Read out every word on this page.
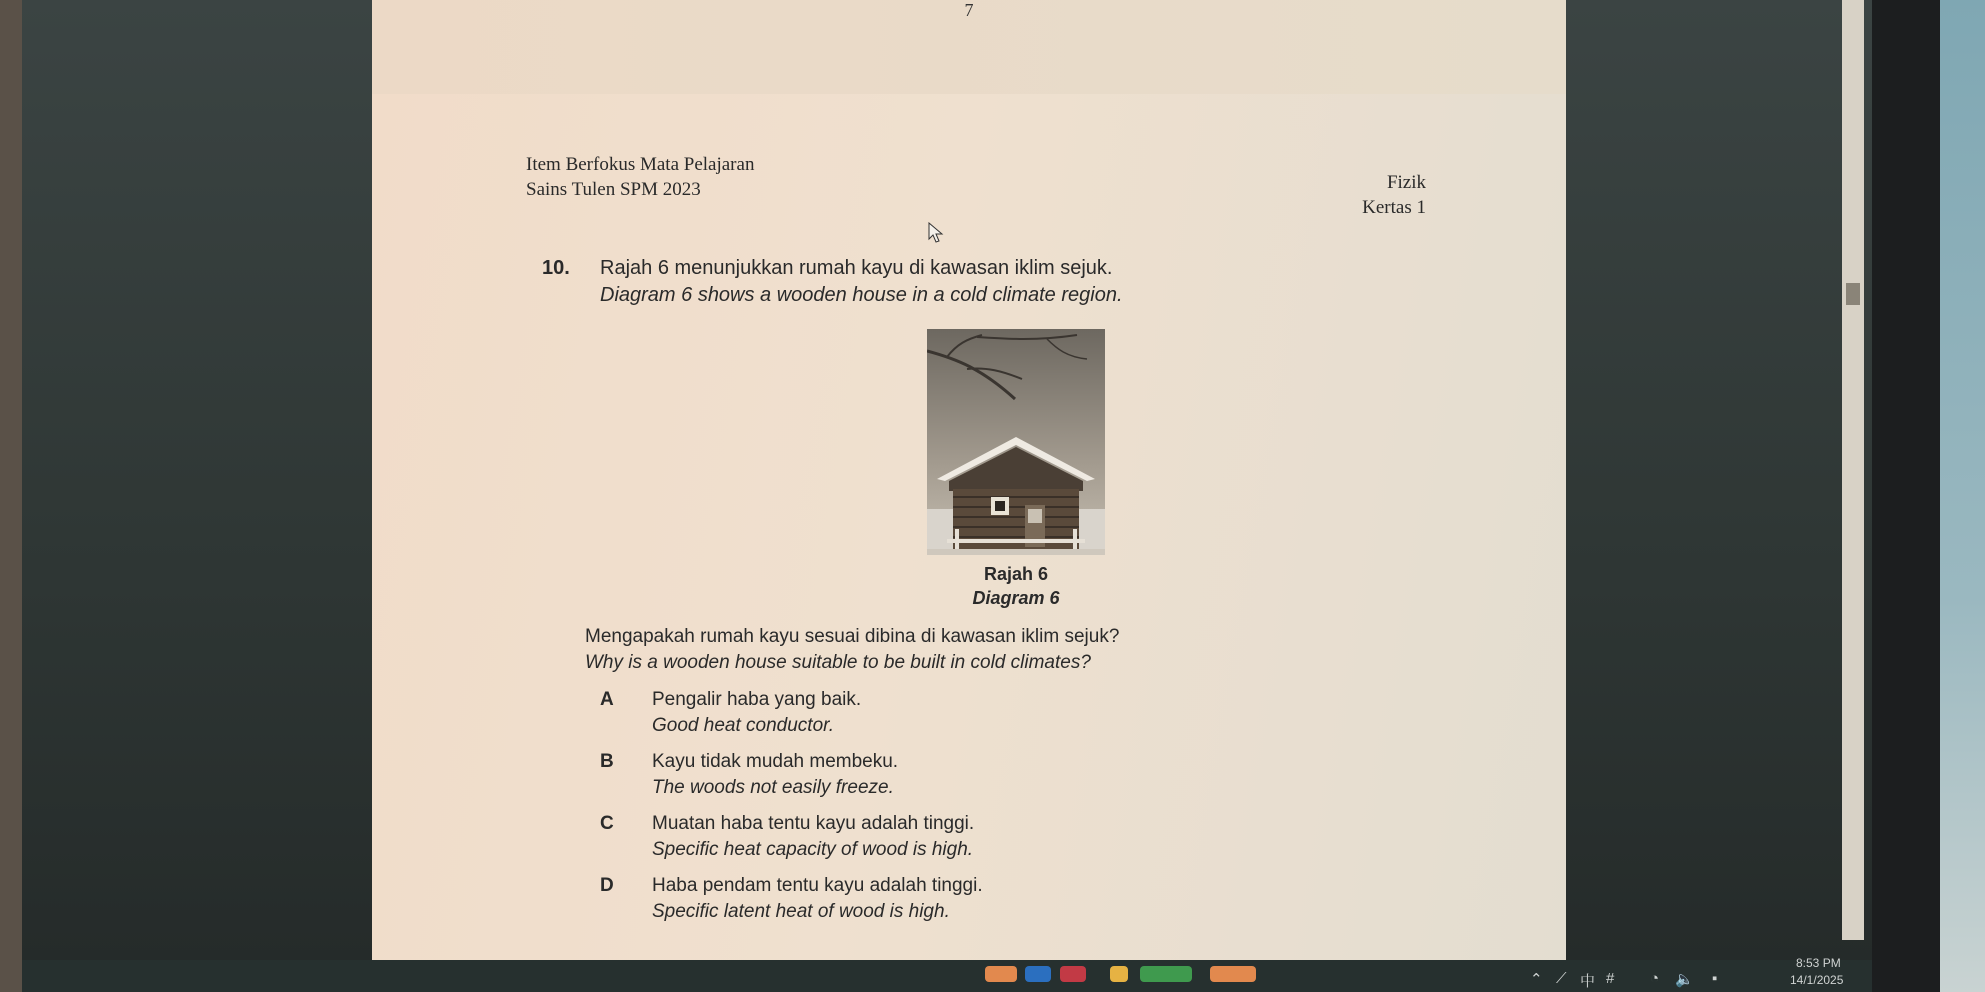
7
Item Berfokus Mata Pelajaran
Sains Tulen SPM 2023	Fizik
Kertas 1
10. Rajah 6 menunjukkan rumah kayu di kawasan iklim sejuk.
Diagram 6 shows a wooden house in a cold climate region.
Rajah 6
Diagram 6
Mengapakah rumah kayu sesuai dibina di kawasan iklim sejuk?
Why is a wooden house suitable to be built in cold climates?
A Pengalir haba yang baik.
Good heat conductor.
B Kayu tidak mudah membeku.
The woods not easily freeze.
C Muatan haba tentu kayu adalah tinggi.
Specific heat capacity of wood is high.
D Haba pendam tentu kayu adalah tinggi.
Specific latent heat of wood is high.
⌃ ⟋ 中 # ◔ 🔈 ▪
8:53 PM
14/1/2025
